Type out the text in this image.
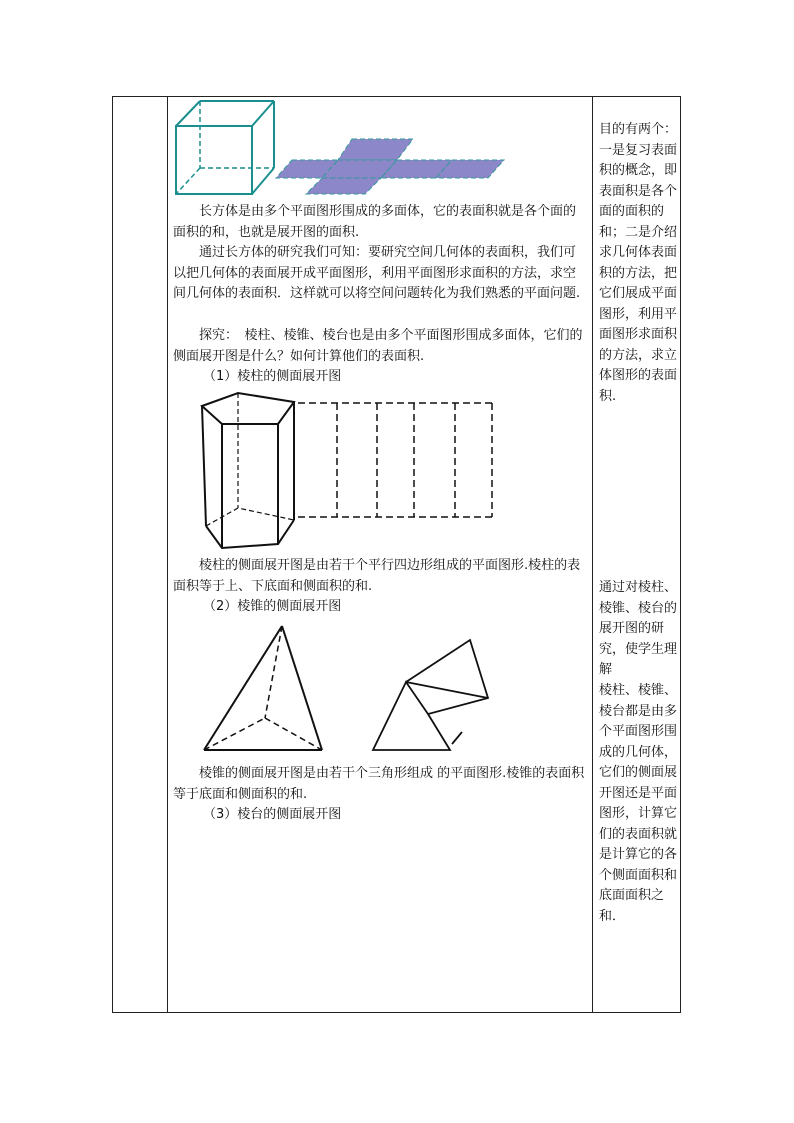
长方体是由多个平面图形围成的多面体，它的表面积就是各个面的面积的和，也就是展开图的面积.
通过长方体的研究我们可知：要研究空间几何体的表面积，我们可以把几何体的表面展开成平面图形，利用平面图形求面积的方法，求空间几何体的表面积．这样就可以将空间问题转化为我们熟悉的平面问题.
探究：　棱柱、棱锥、棱台也是由多个平面图形围成多面体，它们的侧面展开图是什么？如何计算他们的表面积.
（1）棱柱的侧面展开图
棱柱的侧面展开图是由若干个平行四边形组成的平面图形.棱柱的表面积等于上、下底面和侧面积的和.
（2）棱锥的侧面展开图
棱锥的侧面展开图是由若干个三角形组成 的平面图形.棱锥的表面积等于底面和侧面积的和.
（3）棱台的侧面展开图
目的有两个：一是复习表面积的概念，即表面积是各个面的面积的和；二是介绍求几何体表面积的方法，把它们展成平面图形，利用平面图形求面积的方法，求立体图形的表面积.
通过对棱柱、棱锥、棱台的展开图的研究，使学生理解
棱柱、棱锥、棱台都是由多个平面图形围成的几何体，它们的侧面展开图还是平面图形，计算它们的表面积就是计算它的各个侧面面积和底面面积之和．
